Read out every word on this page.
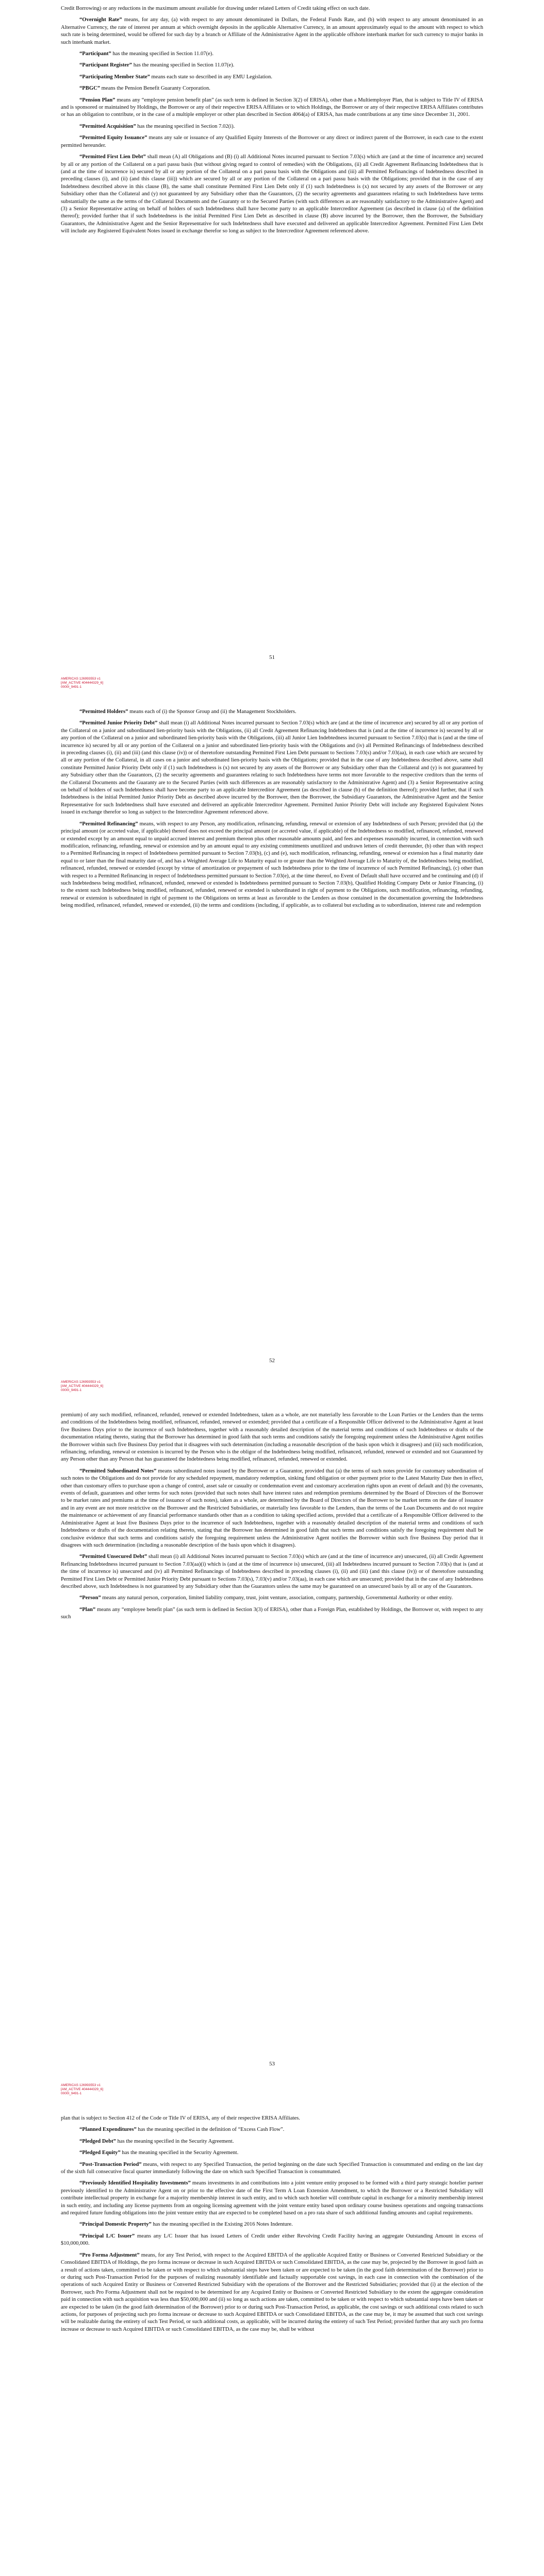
Credit Borrowing) or any reductions in the maximum amount available for drawing under related Letters of Credit taking effect on such date.

“Overnight Rate” means, for any day, (a) with respect to any amount denominated in Dollars, the Federal Funds Rate, and (b) with respect to any amount denominated in an Alternative Currency, the rate of interest per annum at which overnight deposits in the applicable Alternative Currency, in an amount approximately equal to the amount with respect to which such rate is being determined, would be offered for such day by a branch or Affiliate of the Administrative Agent in the applicable offshore interbank market for such currency to major banks in such interbank market.

“Participant” has the meaning specified in Section 11.07(e).

“Participant Register” has the meaning specified in Section 11.07(e).

“Participating Member State” means each state so described in any EMU Legislation.

“PBGC” means the Pension Benefit Guaranty Corporation.

“Pension Plan” means any “employee pension benefit plan” (as such term is defined in Section 3(2) of ERISA), other than a Multiemployer Plan, that is subject to Title IV of ERISA and is sponsored or maintained by Holdings, the Borrower or any of their respective ERISA Affiliates or to which Holdings, the Borrower or any of their respective ERISA Affiliates contributes or has an obligation to contribute, or in the case of a multiple employer or other plan described in Section 4064(a) of ERISA, has made contributions at any time since December 31, 2001.

“Permitted Acquisition” has the meaning specified in Section 7.02(i).

“Permitted Equity Issuance” means any sale or issuance of any Qualified Equity Interests of the Borrower or any direct or indirect parent of the Borrower, in each case to the extent permitted hereunder.

“Permitted First Lien Debt” shall mean (A) all Obligations and (B) (i) all Additional Notes incurred pursuant to Section 7.03(s) which are (and at the time of incurrence are) secured by all or any portion of the Collateral on a pari passu basis (but without giving regard to control of remedies) with the Obligations, (ii) all Credit Agreement Refinancing Indebtedness that is (and at the time of incurrence is) secured by all or any portion of the Collateral on a pari passu basis with the Obligations and (iii) all Permitted Refinancings of Indebtedness described in preceding clauses (i), and (ii) (and this clause (iii)) which are secured by all or any portion of the Collateral on a pari passu basis with the Obligations; provided that in the case of any Indebtedness described above in this clause (B), the same shall constitute Permitted First Lien Debt only if (1) such Indebtedness is (x) not secured by any assets of the Borrower or any Subsidiary other than the Collateral and (y) not guaranteed by any Subsidiary other than the Guarantors, (2) the security agreements and guarantees relating to such Indebtedness have terms substantially the same as the terms of the Collateral Documents and the Guaranty or to the Secured Parties (with such differences as are reasonably satisfactory to the Administrative Agent) and (3) a Senior Representative acting on behalf of holders of such Indebtedness shall have become party to an applicable Intercreditor Agreement (as described in clause (a) of the definition thereof); provided further that if such Indebtedness is the initial Permitted First Lien Debt as described in clause (B) above incurred by the Borrower, then the Borrower, the Subsidiary Guarantors, the Administrative Agent and the Senior Representative for such Indebtedness shall have executed and delivered an applicable Intercreditor Agreement. Permitted First Lien Debt will include any Registered Equivalent Notes issued in exchange therefor so long as subject to the Intercreditor Agreement referenced above.

AMERICAS 126993553 v1
[AM_ACTIVE 404444329_6]
0000I_9491-1
51

“Permitted Holders” means each of (i) the Sponsor Group and (ii) the Management Stockholders.

“Permitted Junior Priority Debt” shall mean (i) all Additional Notes incurred pursuant to Section 7.03(s) which are (and at the time of incurrence are) secured by all or any portion of the Collateral on a junior and subordinated lien-priority basis with the Obligations, (ii) all Credit Agreement Refinancing Indebtedness that is (and at the time of incurrence is) secured by all or any portion of the Collateral on a junior and subordinated lien-priority basis with the Obligations, (iii) all Junior Lien Indebtedness incurred pursuant to Section 7.03(s) that is (and at the time of incurrence is) secured by all or any portion of the Collateral on a junior and subordinated lien-priority basis with the Obligations and (iv) all Permitted Refinancings of Indebtedness described in preceding clauses (i), (ii) and (iii) (and this clause (iv)) or of theretofore outstanding Permitted First Lien Debt pursuant to Sections 7.03(s) and/or 7.03(aa), in each case which are secured by all or any portion of the Collateral, in all cases on a junior and subordinated lien-priority basis with the Obligations; provided that in the case of any Indebtedness described above, same shall constitute Permitted Junior Priority Debt only if (1) such Indebtedness is (x) not secured by any assets of the Borrower or any Subsidiary other than the Collateral and (y) is not guaranteed by any Subsidiary other than the Guarantors, (2) the security agreements and guarantees relating to such Indebtedness have terms not more favorable to the respective creditors than the terms of the Collateral Documents and the Guaranty are to the Secured Parties (with such differences as are reasonably satisfactory to the Administrative Agent) and (3) a Senior Representative acting on behalf of holders of such Indebtedness shall have become party to an applicable Intercreditor Agreement (as described in clause (b) of the definition thereof); provided further, that if such Indebtedness is the initial Permitted Junior Priority Debt as described above incurred by the Borrower, then the Borrower, the Subsidiary Guarantors, the Administrative Agent and the Senior Representative for such Indebtedness shall have executed and delivered an applicable Intercreditor Agreement. Permitted Junior Priority Debt will include any Registered Equivalent Notes issued in exchange therefor so long as subject to the Intercreditor Agreement referenced above.

“Permitted Refinancing” means, with respect to any Person, any modification, refinancing, refunding, renewal or extension of any Indebtedness of such Person; provided that (a) the principal amount (or accreted value, if applicable) thereof does not exceed the principal amount (or accreted value, if applicable) of the Indebtedness so modified, refinanced, refunded, renewed or extended except by an amount equal to unpaid accrued interest and premium thereon plus other reasonable amounts paid, and fees and expenses reasonably incurred, in connection with such modification, refinancing, refunding, renewal or extension and by an amount equal to any existing commitments unutilized and undrawn letters of credit thereunder, (b) other than with respect to a Permitted Refinancing in respect of Indebtedness permitted pursuant to Section 7.03(b), (c) and (e), such modification, refinancing, refunding, renewal or extension has a final maturity date equal to or later than the final maturity date of, and has a Weighted Average Life to Maturity equal to or greater than the Weighted Average Life to Maturity of, the Indebtedness being modified, refinanced, refunded, renewed or extended (except by virtue of amortization or prepayment of such Indebtedness prior to the time of incurrence of such Permitted Refinancing), (c) other than with respect to a Permitted Refinancing in respect of Indebtedness permitted pursuant to Section 7.03(e), at the time thereof, no Event of Default shall have occurred and be continuing and (d) if such Indebtedness being modified, refinanced, refunded, renewed or extended is Indebtedness permitted pursuant to Section 7.03(b), Qualified Holding Company Debt or Junior Financing, (i) to the extent such Indebtedness being modified, refinanced, refunded, renewed or extended is subordinated in right of payment to the Obligations, such modification, refinancing, refunding, renewal or extension is subordinated in right of payment to the Obligations on terms at least as favorable to the Lenders as those contained in the documentation governing the Indebtedness being modified, refinanced, refunded, renewed or extended, (ii) the terms and conditions (including, if applicable, as to collateral but excluding as to subordination, interest rate and redemption

AMERICAS 126993553 v1
[AM_ACTIVE 404444329_6]
0000I_9491-1
52

premium) of any such modified, refinanced, refunded, renewed or extended Indebtedness, taken as a whole, are not materially less favorable to the Loan Parties or the Lenders than the terms and conditions of the Indebtedness being modified, refinanced, refunded, renewed or extended; provided that a certificate of a Responsible Officer delivered to the Administrative Agent at least five Business Days prior to the incurrence of such Indebtedness, together with a reasonably detailed description of the material terms and conditions of such Indebtedness or drafts of the documentation relating thereto, stating that the Borrower has determined in good faith that such terms and conditions satisfy the foregoing requirement unless the Administrative Agent notifies the Borrower within such five Business Day period that it disagrees with such determination (including a reasonable description of the basis upon which it disagrees) and (iii) such modification, refinancing, refunding, renewal or extension is incurred by the Person who is the obligor of the Indebtedness being modified, refinanced, refunded, renewed or extended and not Guaranteed by any Person other than any Person that has guaranteed the Indebtedness being modified, refinanced, refunded, renewed or extended.

“Permitted Subordinated Notes” means subordinated notes issued by the Borrower or a Guarantor, provided that (a) the terms of such notes provide for customary subordination of such notes to the Obligations and do not provide for any scheduled repayment, mandatory redemption, sinking fund obligation or other payment prior to the Latest Maturity Date then in effect, other than customary offers to purchase upon a change of control, asset sale or casualty or condemnation event and customary acceleration rights upon an event of default and (b) the covenants, events of default, guarantees and other terms for such notes (provided that such notes shall have interest rates and redemption premiums determined by the Board of Directors of the Borrower to be market rates and premiums at the time of issuance of such notes), taken as a whole, are determined by the Board of Directors of the Borrower to be market terms on the date of issuance and in any event are not more restrictive on the Borrower and the Restricted Subsidiaries, or materially less favorable to the Lenders, than the terms of the Loan Documents and do not require the maintenance or achievement of any financial performance standards other than as a condition to taking specified actions, provided that a certificate of a Responsible Officer delivered to the Administrative Agent at least five Business Days prior to the incurrence of such Indebtedness, together with a reasonably detailed description of the material terms and conditions of such Indebtedness or drafts of the documentation relating thereto, stating that the Borrower has determined in good faith that such terms and conditions satisfy the foregoing requirement shall be conclusive evidence that such terms and conditions satisfy the foregoing requirement unless the Administrative Agent notifies the Borrower within such five Business Day period that it disagrees with such determination (including a reasonable description of the basis upon which it disagrees).

“Permitted Unsecured Debt” shall mean (i) all Additional Notes incurred pursuant to Section 7.03(s) which are (and at the time of incurrence are) unsecured, (ii) all Credit Agreement Refinancing Indebtedness incurred pursuant to Section 7.03(aa)(i) which is (and at the time of incurrence is) unsecured, (iii) all Indebtedness incurred pursuant to Section 7.03(s) that is (and at the time of incurrence is) unsecured and (iv) all Permitted Refinancings of Indebtedness described in preceding clauses (i), (ii) and (iii) (and this clause (iv)) or of theretofore outstanding Permitted First Lien Debt or Permitted Junior Priority Debt pursuant to Sections 7.03(s), 7.03(v) and/or 7.03(aa), in each case which are unsecured; provided that in the case of any Indebtedness described above, such Indebtedness is not guaranteed by any Subsidiary other than the Guarantors unless the same may be guaranteed on an unsecured basis by all or any of the Guarantors.

“Person” means any natural person, corporation, limited liability company, trust, joint venture, association, company, partnership, Governmental Authority or other entity.

“Plan” means any “employee benefit plan” (as such term is defined in Section 3(3) of ERISA), other than a Foreign Plan, established by Holdings, the Borrower or, with respect to any such

AMERICAS 126993553 v1
[AM_ACTIVE 404444329_6]
0000I_9491-1
53

plan that is subject to Section 412 of the Code or Title IV of ERISA, any of their respective ERISA Affiliates.

“Planned Expenditures” has the meaning specified in the definition of “Excess Cash Flow”.

“Pledged Debt” has the meaning specified in the Security Agreement.

“Pledged Equity” has the meaning specified in the Security Agreement.

“Post-Transaction Period” means, with respect to any Specified Transaction, the period beginning on the date such Specified Transaction is consummated and ending on the last day of the sixth full consecutive fiscal quarter immediately following the date on which such Specified Transaction is consummated.

“Previously Identified Hospitality Investments” means investments in and contributions into a joint venture entity proposed to be formed with a third party strategic hotelier partner previously identified to the Administrative Agent on or prior to the effective date of the First Term A Loan Extension Amendment, to which the Borrower or a Restricted Subsidiary will contribute intellectual property in exchange for a majority membership interest in such entity, and to which such hotelier will contribute capital in exchange for a minority membership interest in such entity, and including any license payments from an ongoing licensing agreement with the joint venture entity based upon ordinary course business operations and ongoing transactions and required future funding obligations into the joint venture entity that are expected to be completed based on a pro rata share of such additional funding amounts and capital requirements.

“Principal Domestic Property” has the meaning specified in the Existing 2016 Notes Indenture.

“Principal L/C Issuer” means any L/C Issuer that has issued Letters of Credit under either Revolving Credit Facility having an aggregate Outstanding Amount in excess of $10,000,000.

“Pro Forma Adjustment” means, for any Test Period, with respect to the Acquired EBITDA of the applicable Acquired Entity or Business or Converted Restricted Subsidiary or the Consolidated EBITDA of Holdings, the pro forma increase or decrease in such Acquired EBITDA or such Consolidated EBITDA, as the case may be, projected by the Borrower in good faith as a result of actions taken, committed to be taken or with respect to which substantial steps have been taken or are expected to be taken (in the good faith determination of the Borrower) prior to or during such Post-Transaction Period for the purposes of realizing reasonably identifiable and factually supportable cost savings, in each case in connection with the combination of the operations of such Acquired Entity or Business or Converted Restricted Subsidiary with the operations of the Borrower and the Restricted Subsidiaries; provided that (i) at the election of the Borrower, such Pro Forma Adjustment shall not be required to be determined for any Acquired Entity or Business or Converted Restricted Subsidiary to the extent the aggregate consideration paid in connection with such acquisition was less than $50,000,000 and (ii) so long as such actions are taken, committed to be taken or with respect to which substantial steps have been taken or are expected to be taken (in the good faith determination of the Borrower) prior to or during such Post-Transaction Period, as applicable, the cost savings or such additional costs related to such actions, for purposes of projecting such pro forma increase or decrease to such Acquired EBITDA or such Consolidated EBITDA, as the case may be, it may be assumed that such cost savings will be realizable during the entirety of such Test Period, or such additional costs, as applicable, will be incurred during the entirety of such Test Period; provided further that any such pro forma increase or decrease to such Acquired EBITDA or such Consolidated EBITDA, as the case may be, shall be without
